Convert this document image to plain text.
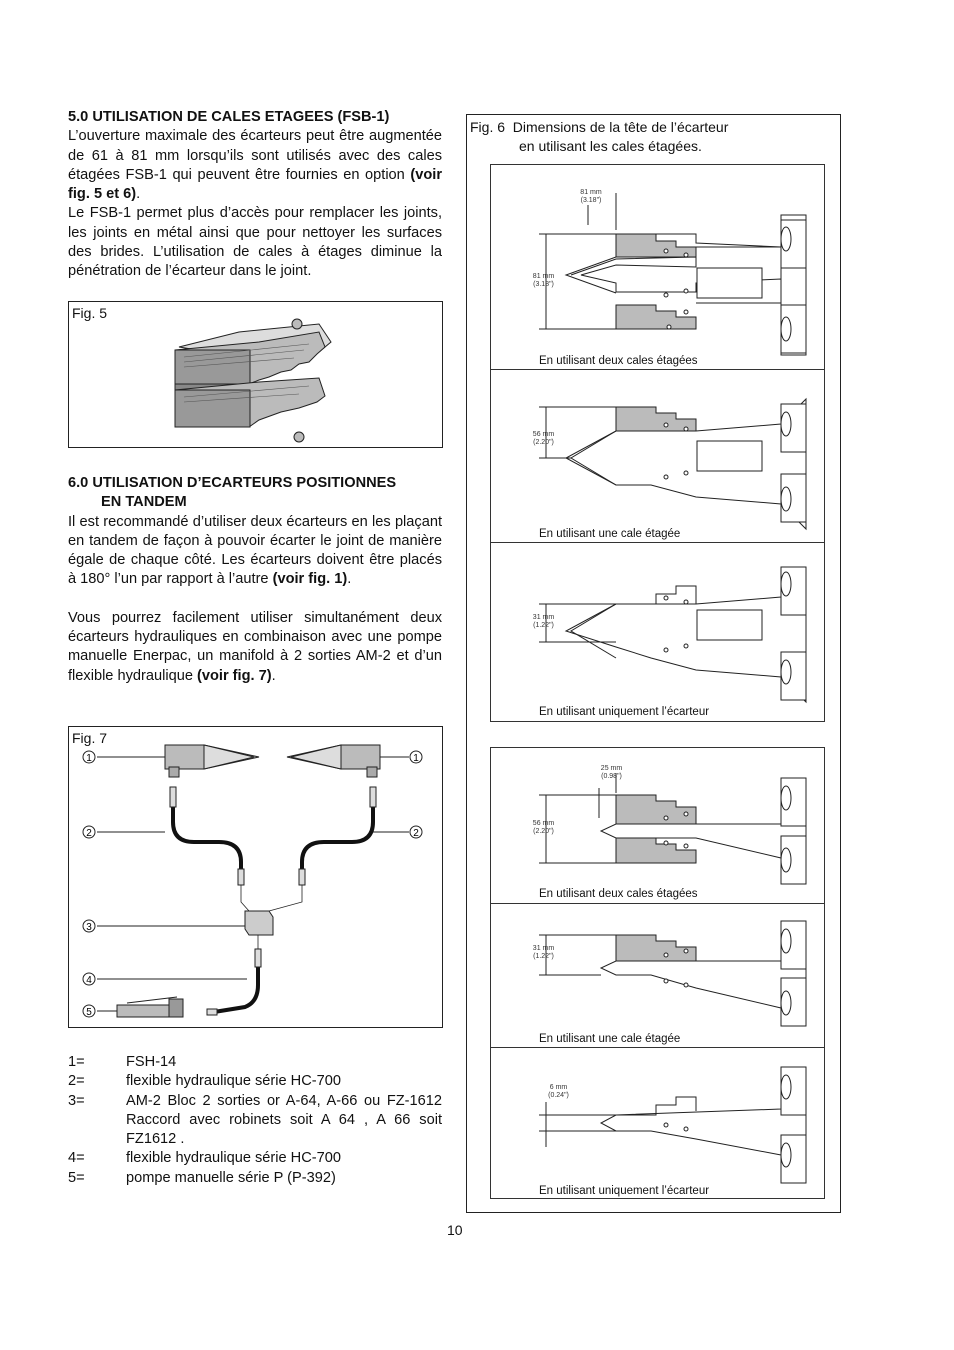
5.0 UTILISATION DE CALES ETAGEES (FSB-1)

L’ouverture maximale des écarteurs peut être augmentée de 61 à 81 mm lorsqu’ils sont utilisés avec des cales étagées FSB-1 qui peuvent être fournies en option (voir fig. 5 et 6).

Le FSB-1 permet plus d’accès pour remplacer les joints, les joints en métal ainsi que pour nettoyer les surfaces des brides. L’utilisation de cales à étages diminue la pénétration de l’écarteur dans le joint.

Fig. 5

6.0 UTILISATION D’ECARTEURS POSITIONNES
EN TANDEM

Il est recommandé d’utiliser deux écarteurs en les plaçant en tandem de façon à pouvoir écarter le joint de manière égale de chaque côté. Les écarteurs doivent être placés à 180° l’un par rapport à l’autre (voir fig. 1).

Vous pourrez facilement utiliser simultanément deux écarteurs hydrauliques en combinaison avec une pompe manuelle Enerpac, un manifold à 2 sorties AM-2 et d’un flexible hydraulique (voir fig. 7).

Fig. 7
1	1
2	2
3
4
5
1=	FSH-14
2=	flexible hydraulique série HC-700
3=	AM-2 Bloc 2 sorties or A-64, A-66 ou FZ-1612 Raccord avec robinets soit A 64 , A 66 soit FZ1612 .
4=	flexible hydraulique série HC-700
5=	pompe manuelle série P (P-392)
Fig. 6 Dimensions de la tête de l’écarteur
en utilisant les cales étagées.
81 mm
(3.18")
81 mm
(3.18")
En utilisant deux cales étagées
56 mm
(2.20")
En utilisant une cale étagée
31 mm
(1.22")
En utilisant uniquement l’écarteur
25 mm
(0.98")
56 mm
(2.20")
En utilisant deux cales étagées
31 mm
(1.22")
En utilisant une cale étagée
6 mm
(0.24")
En utilisant uniquement l’écarteur
10
